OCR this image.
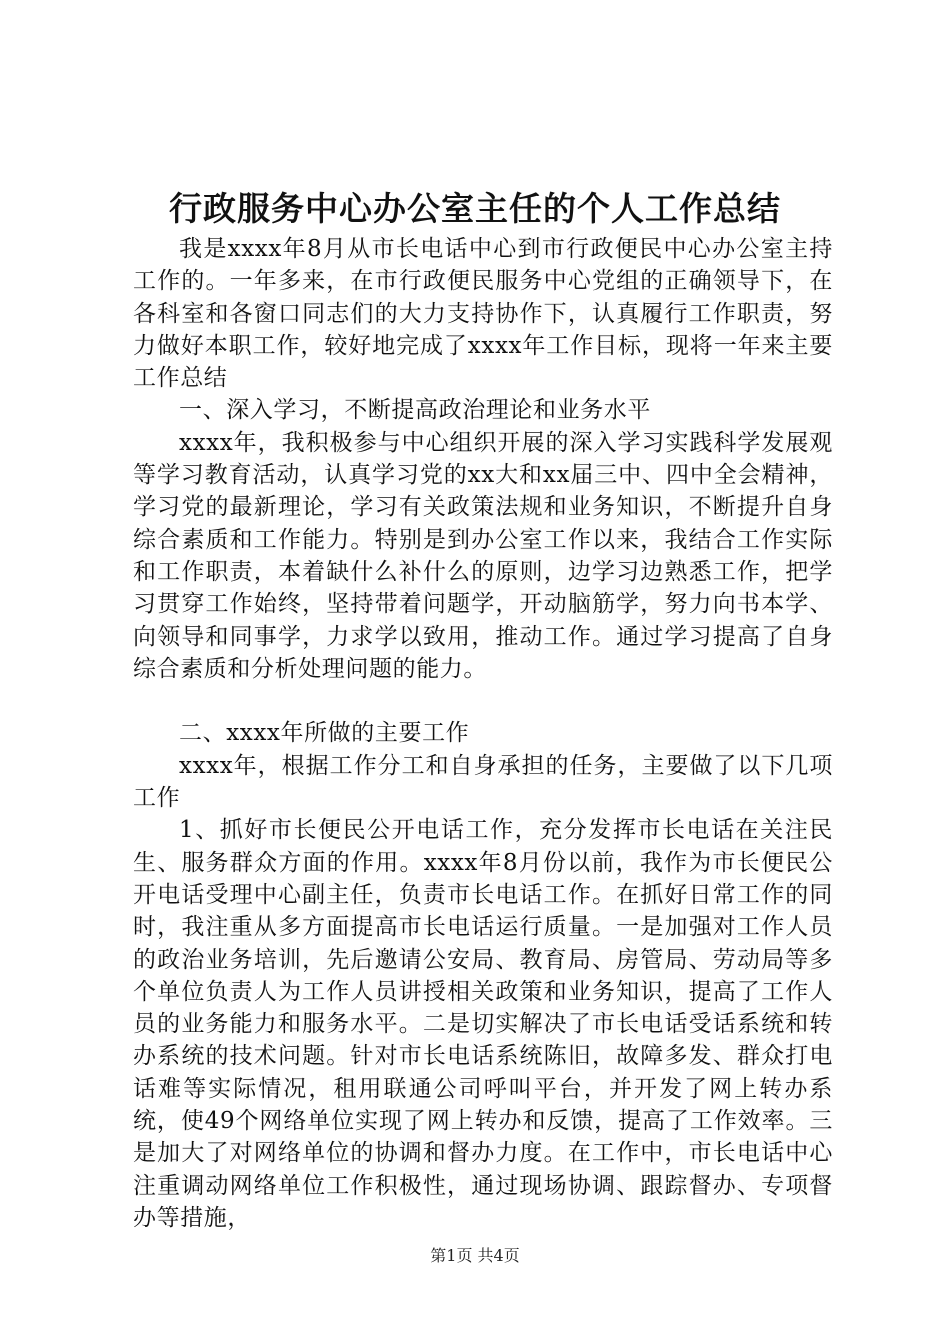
行政服务中心办公室主任的个人工作总结

我是xxxx年8月从市长电话中心到市行政便民中心办公室主持工作的。一年多来，在市行政便民服务中心党组的正确领导下，在各科室和各窗口同志们的大力支持协作下，认真履行工作职责，努力做好本职工作，较好地完成了xxxx年工作目标，现将一年来主要工作总结

一、深入学习，不断提高政治理论和业务水平

xxxx年，我积极参与中心组织开展的深入学习实践科学发展观等学习教育活动，认真学习党的xx大和xx届三中、四中全会精神，学习党的最新理论，学习有关政策法规和业务知识，不断提升自身综合素质和工作能力。特别是到办公室工作以来，我结合工作实际和工作职责，本着缺什么补什么的原则，边学习边熟悉工作，把学习贯穿工作始终，坚持带着问题学，开动脑筋学，努力向书本学、向领导和同事学，力求学以致用，推动工作。通过学习提高了自身综合素质和分析处理问题的能力。

二、xxxx年所做的主要工作

xxxx年，根据工作分工和自身承担的任务，主要做了以下几项工作

1、抓好市长便民公开电话工作，充分发挥市长电话在关注民生、服务群众方面的作用。xxxx年8月份以前，我作为市长便民公开电话受理中心副主任，负责市长电话工作。在抓好日常工作的同时，我注重从多方面提高市长电话运行质量。一是加强对工作人员的政治业务培训，先后邀请公安局、教育局、房管局、劳动局等多个单位负责人为工作人员讲授相关政策和业务知识，提高了工作人员的业务能力和服务水平。二是切实解决了市长电话受话系统和转办系统的技术问题。针对市长电话系统陈旧，故障多发、群众打电话难等实际情况，租用联通公司呼叫平台，并开发了网上转办系统，使49个网络单位实现了网上转办和反馈，提高了工作效率。三是加大了对网络单位的协调和督办力度。在工作中，市长电话中心注重调动网络单位工作积极性，通过现场协调、跟踪督办、专项督办等措施，

第1页 共4页
